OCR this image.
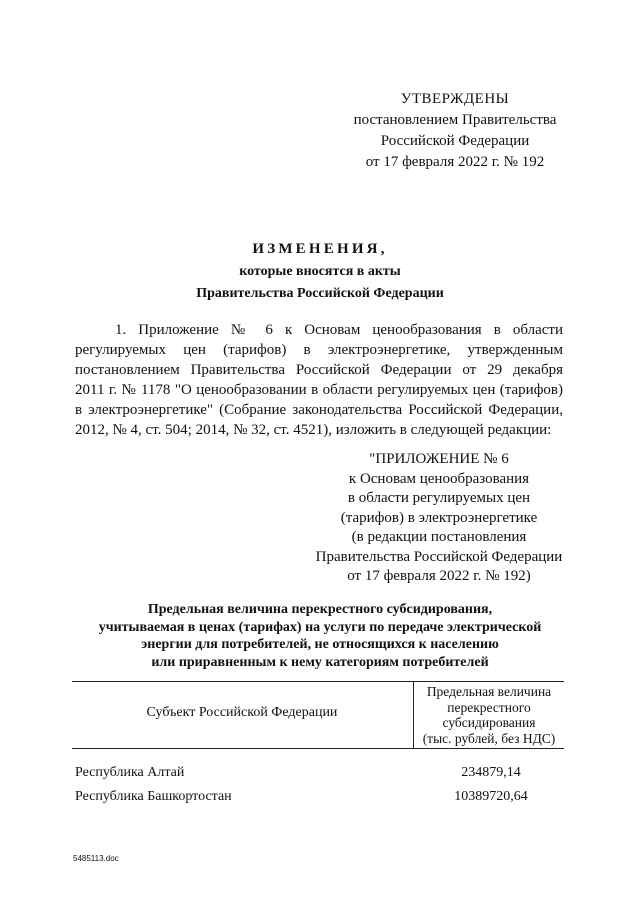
УТВЕРЖДЕНЫ
постановлением Правительства
Российской Федерации
от 17 февраля 2022 г. № 192
ИЗМЕНЕНИЯ,
которые вносятся в акты
Правительства Российской Федерации
1. Приложение № 6 к Основам ценообразования в области
регулируемых цен (тарифов) в электроэнергетике, утвержденным
постановлением Правительства Российской Федерации от 29 декабря
2011 г. № 1178 "О ценообразовании в области регулируемых цен (тарифов)
в электроэнергетике" (Собрание законодательства Российской Федерации,
2012, № 4, ст. 504; 2014, № 32, ст. 4521), изложить в следующей редакции:
"ПРИЛОЖЕНИЕ № 6
к Основам ценообразования
в области регулируемых цен
(тарифов) в электроэнергетике
(в редакции постановления
Правительства Российской Федерации
от 17 февраля 2022 г. № 192)
Предельная величина перекрестного субсидирования,
учитываемая в ценах (тарифах) на услуги по передаче электрической
энергии для потребителей, не относящихся к населению
или приравненным к нему категориям потребителей
Субъект Российской Федерации
Предельная величина
перекрестного
субсидирования
(тыс. рублей, без НДС)
Республика Алтай	234879,14
Республика Башкортостан	10389720,64
5485113.doc
